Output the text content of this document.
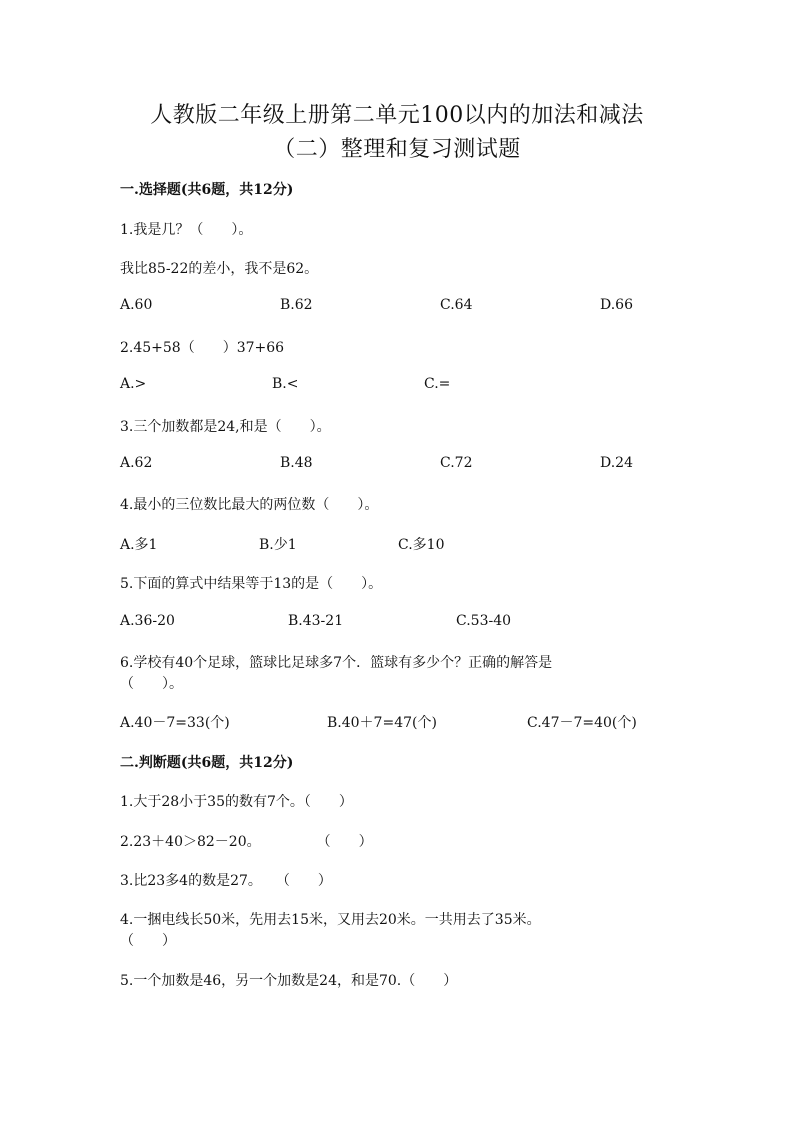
人教版二年级上册第二单元100以内的加法和减法
（二）整理和复习测试题
一.选择题(共6题，共12分)
1.我是几？（　　）。
我比85-22的差小，我不是62。
A.60	B.62	C.64	D.66
2.45+58（　　）37+66
A.>	B.<	C.=
3.三个加数都是24,和是（　　）。
A.62	B.48	C.72	D.24
4.最小的三位数比最大的两位数（　　）。
A.多1	B.少1	C.多10
5.下面的算式中结果等于13的是（　　）。
A.36-20	B.43-21	C.53-40
6.学校有40个足球，篮球比足球多7个．篮球有多少个？正确的解答是
（　　）。
A.40－7=33(个)	B.40＋7=47(个)	C.47－7=40(个)
二.判断题(共6题，共12分)
1.大于28小于35的数有7个。（　　）
2.23＋40＞82－20。　　　　　（　　）
3.比23多4的数是27。　　（　　）
4.一捆电线长50米，先用去15米，又用去20米。一共用去了35米。
（　　）
5.一个加数是46，另一个加数是24，和是70.（　　）
